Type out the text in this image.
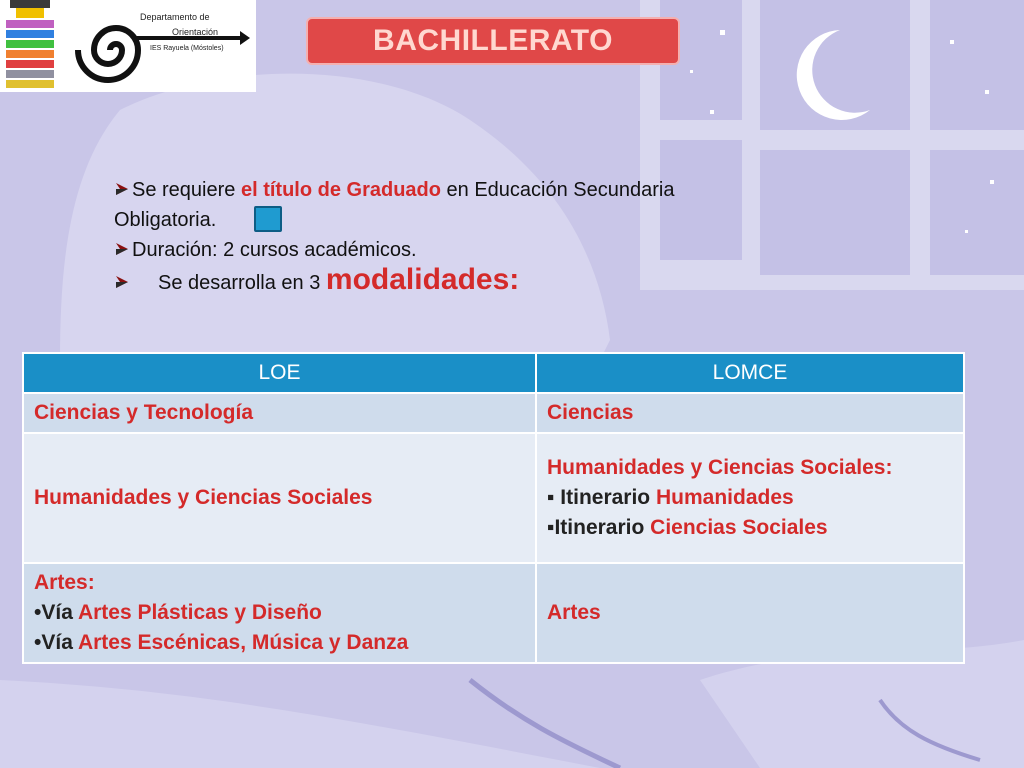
Departamento de
Orientación
IES Rayuela (Móstoles)	BACHILLERATO
Se requiere el título de Graduado en Educación Secundaria
Obligatoria.
Duración: 2 cursos académicos.
Se desarrolla en 3 modalidades:
LOE	LOMCE
Ciencias y Tecnología	Ciencias
Humanidades y Ciencias Sociales	Humanidades y Ciencias Sociales:
▪ Itinerario Humanidades
▪Itinerario Ciencias Sociales

Artes:
•Vía Artes Plásticas y Diseño
•Vía Artes Escénicas, Música y Danza	Artes
